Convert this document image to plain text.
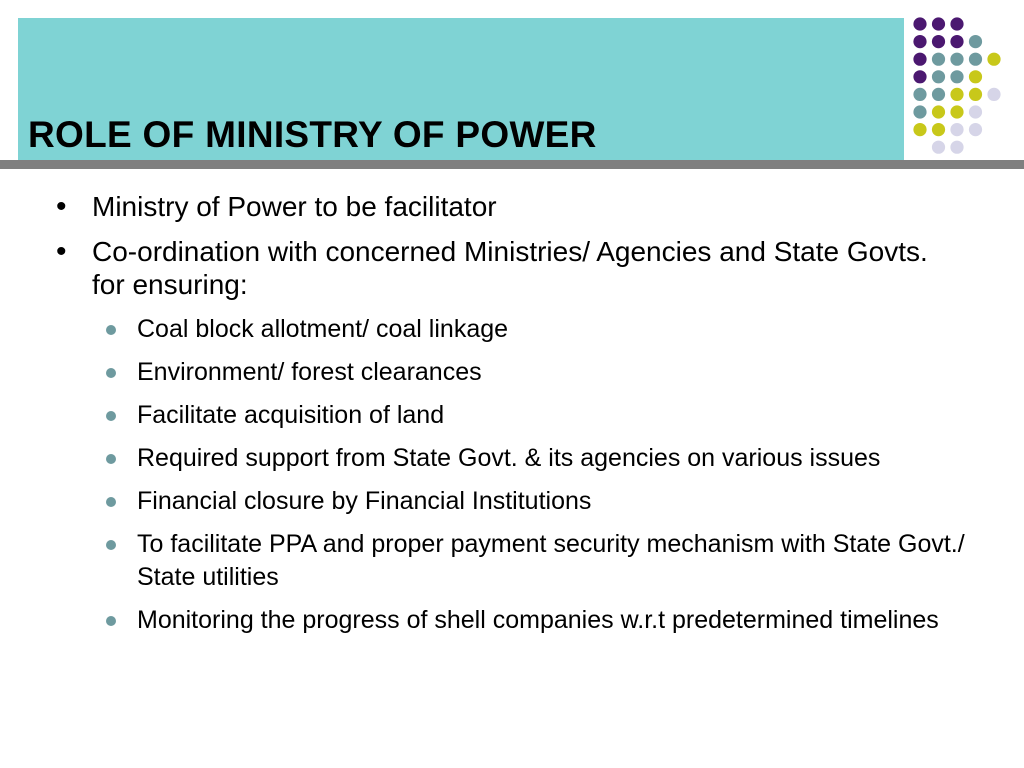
ROLE OF MINISTRY OF POWER
• Ministry of Power to be facilitator
• Co-ordination with concerned Ministries/ Agencies and State Govts. for ensuring:
Coal block allotment/ coal linkage
Environment/ forest clearances
Facilitate acquisition of land
Required support from State Govt. & its agencies on various issues
Financial closure by Financial Institutions
To facilitate PPA and proper payment security mechanism with State Govt./ State utilities
Monitoring the progress of shell companies w.r.t predetermined timelines
